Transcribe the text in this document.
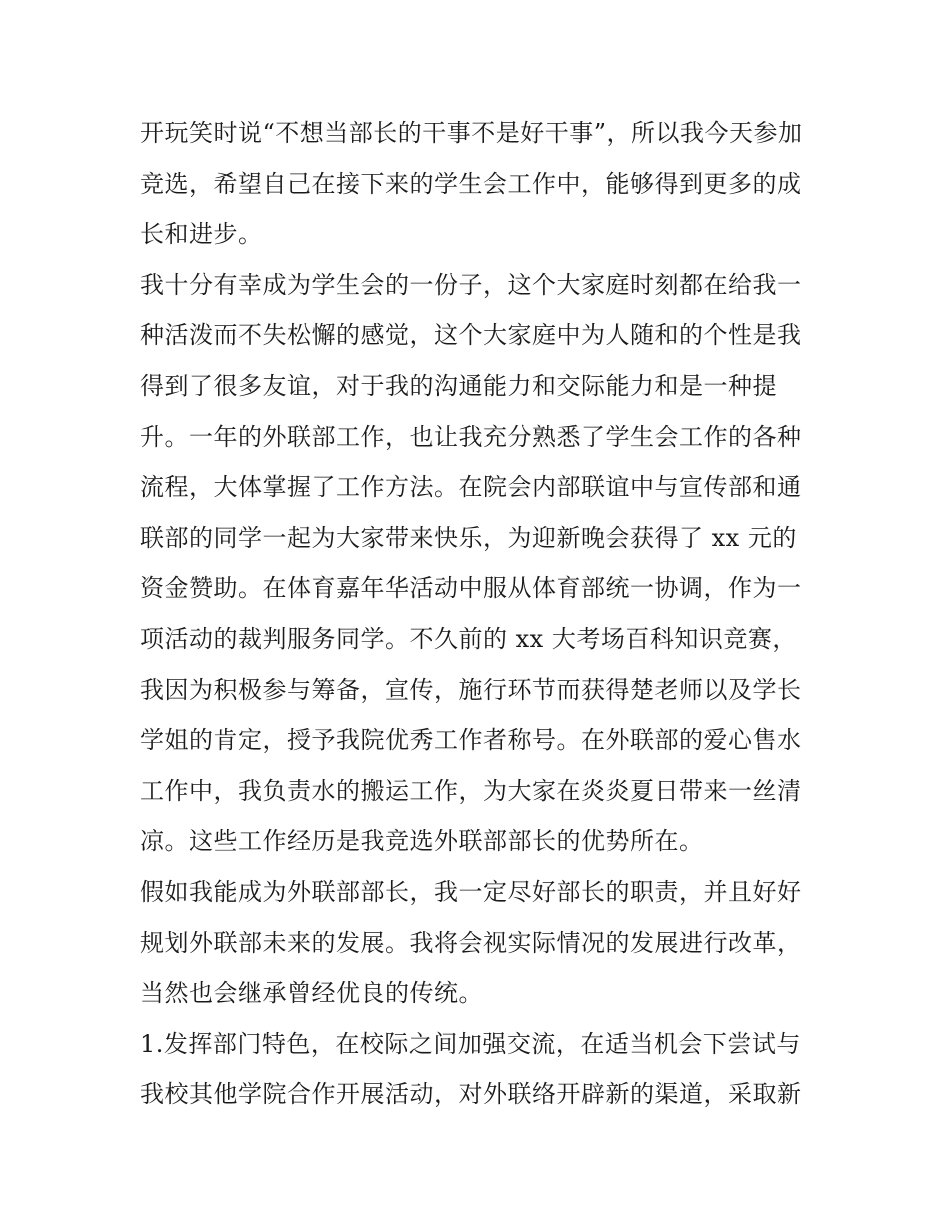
开玩笑时说“不想当部长的干事不是好干事”，所以我今天参加
竞选，希望自己在接下来的学生会工作中，能够得到更多的成
长和进步。
我十分有幸成为学生会的一份子，这个大家庭时刻都在给我一
种活泼而不失松懈的感觉，这个大家庭中为人随和的个性是我
得到了很多友谊，对于我的沟通能力和交际能力和是一种提
升。一年的外联部工作，也让我充分熟悉了学生会工作的各种
流程，大体掌握了工作方法。在院会内部联谊中与宣传部和通
联部的同学一起为大家带来快乐，为迎新晚会获得了 xx 元的
资金赞助。在体育嘉年华活动中服从体育部统一协调，作为一
项活动的裁判服务同学。不久前的 xx 大考场百科知识竞赛，
我因为积极参与筹备，宣传，施行环节而获得楚老师以及学长
学姐的肯定，授予我院优秀工作者称号。在外联部的爱心售水
工作中，我负责水的搬运工作，为大家在炎炎夏日带来一丝清
凉。这些工作经历是我竞选外联部部长的优势所在。
假如我能成为外联部部长，我一定尽好部长的职责，并且好好
规划外联部未来的发展。我将会视实际情况的发展进行改革，
当然也会继承曾经优良的传统。
1.发挥部门特色，在校际之间加强交流，在适当机会下尝试与
我校其他学院合作开展活动，对外联络开辟新的渠道，采取新
